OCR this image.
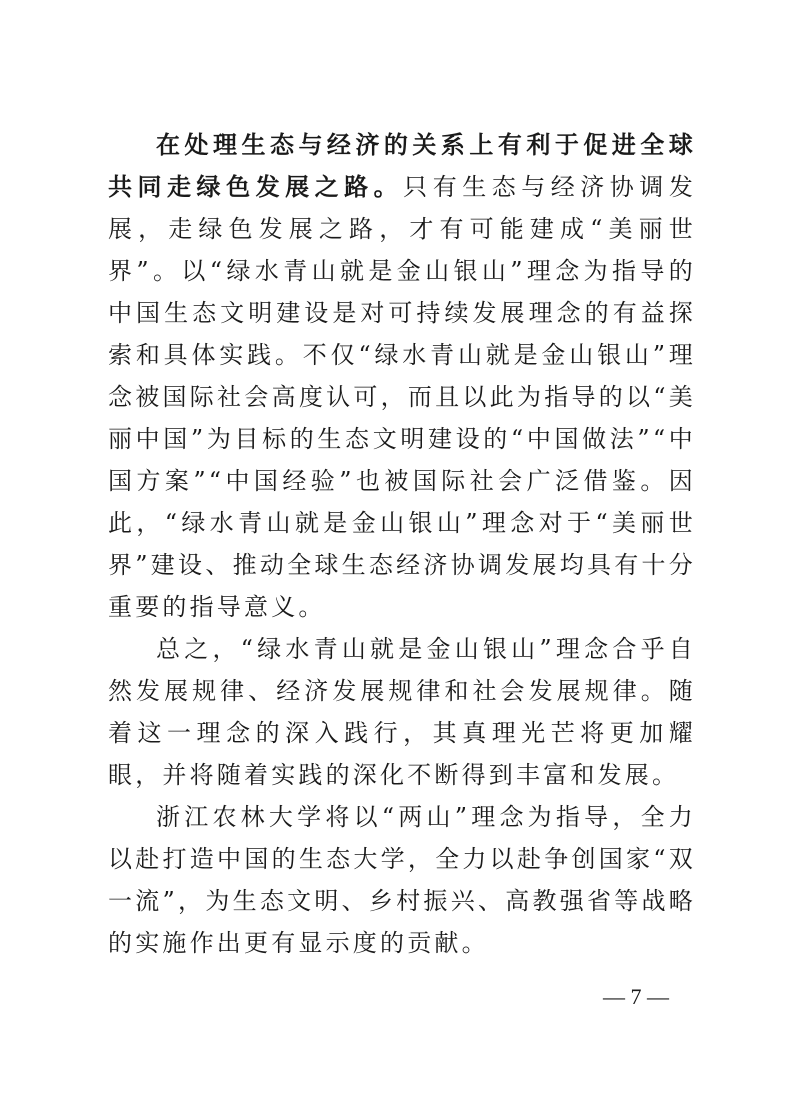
在处理生态与经济的关系上有利于促进全球共同走绿色发展之路。只有生态与经济协调发展，走绿色发展之路，才有可能建成“美丽世界”。以“绿水青山就是金山银山”理念为指导的中国生态文明建设是对可持续发展理念的有益探索和具体实践。不仅“绿水青山就是金山银山”理念被国际社会高度认可，而且以此为指导的以“美丽中国”为目标的生态文明建设的“中国做法”“中国方案”“中国经验”也被国际社会广泛借鉴。因此，“绿水青山就是金山银山”理念对于“美丽世界”建设、推动全球生态经济协调发展均具有十分重要的指导意义。

总之，“绿水青山就是金山银山”理念合乎自然发展规律、经济发展规律和社会发展规律。随着这一理念的深入践行，其真理光芒将更加耀眼，并将随着实践的深化不断得到丰富和发展。

浙江农林大学将以“两山”理念为指导，全力以赴打造中国的生态大学，全力以赴争创国家“双一流”，为生态文明、乡村振兴、高教强省等战略的实施作出更有显示度的贡献。

— 7 —
